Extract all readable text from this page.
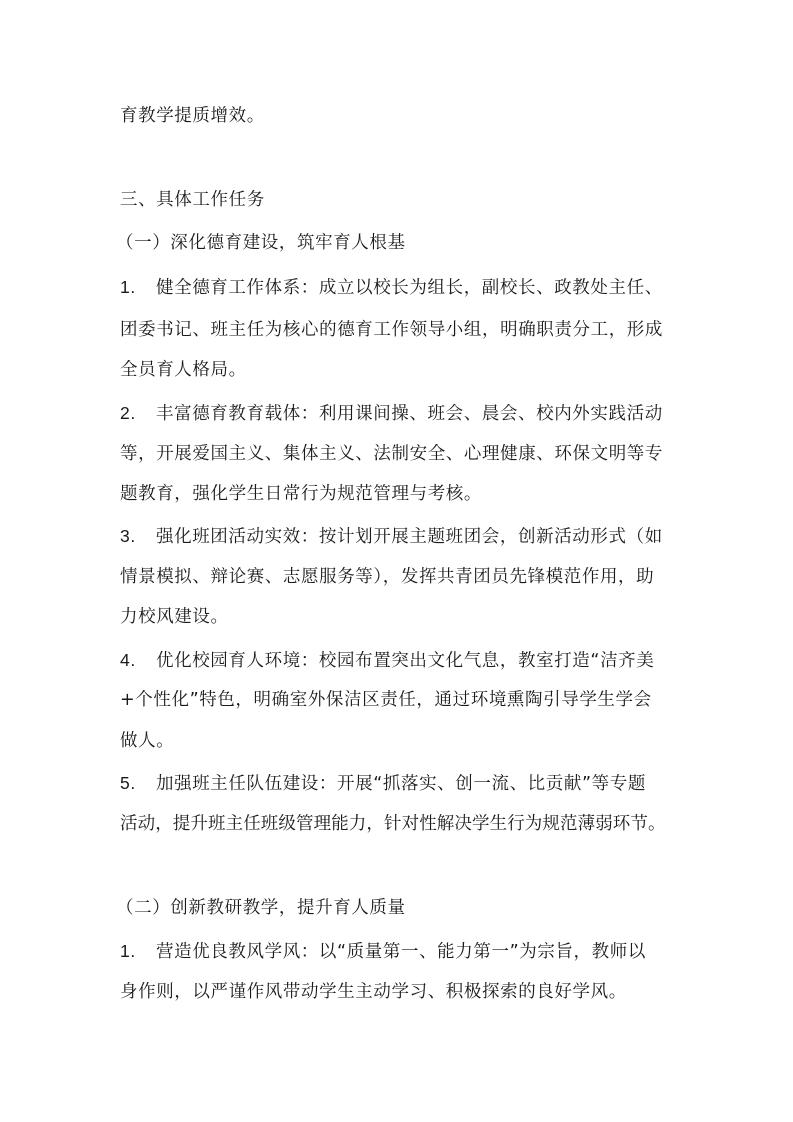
育教学提质增效。
三、具体工作任务
（一）深化德育建设，筑牢育人根基
1. 健全德育工作体系：成立以校长为组长，副校长、政教处主任、
团委书记、班主任为核心的德育工作领导小组，明确职责分工，形成
全员育人格局。
2. 丰富德育教育载体：利用课间操、班会、晨会、校内外实践活动
等，开展爱国主义、集体主义、法制安全、心理健康、环保文明等专
题教育，强化学生日常行为规范管理与考核。
3. 强化班团活动实效：按计划开展主题班团会，创新活动形式（如
情景模拟、辩论赛、志愿服务等），发挥共青团员先锋模范作用，助
力校风建设。
4. 优化校园育人环境：校园布置突出文化气息，教室打造“洁齐美
+个性化”特色，明确室外保洁区责任，通过环境熏陶引导学生学会
做人。
5. 加强班主任队伍建设：开展“抓落实、创一流、比贡献”等专题
活动，提升班主任班级管理能力，针对性解决学生行为规范薄弱环节。
（二）创新教研教学，提升育人质量
1. 营造优良教风学风：以“质量第一、能力第一”为宗旨，教师以
身作则，以严谨作风带动学生主动学习、积极探索的良好学风。
